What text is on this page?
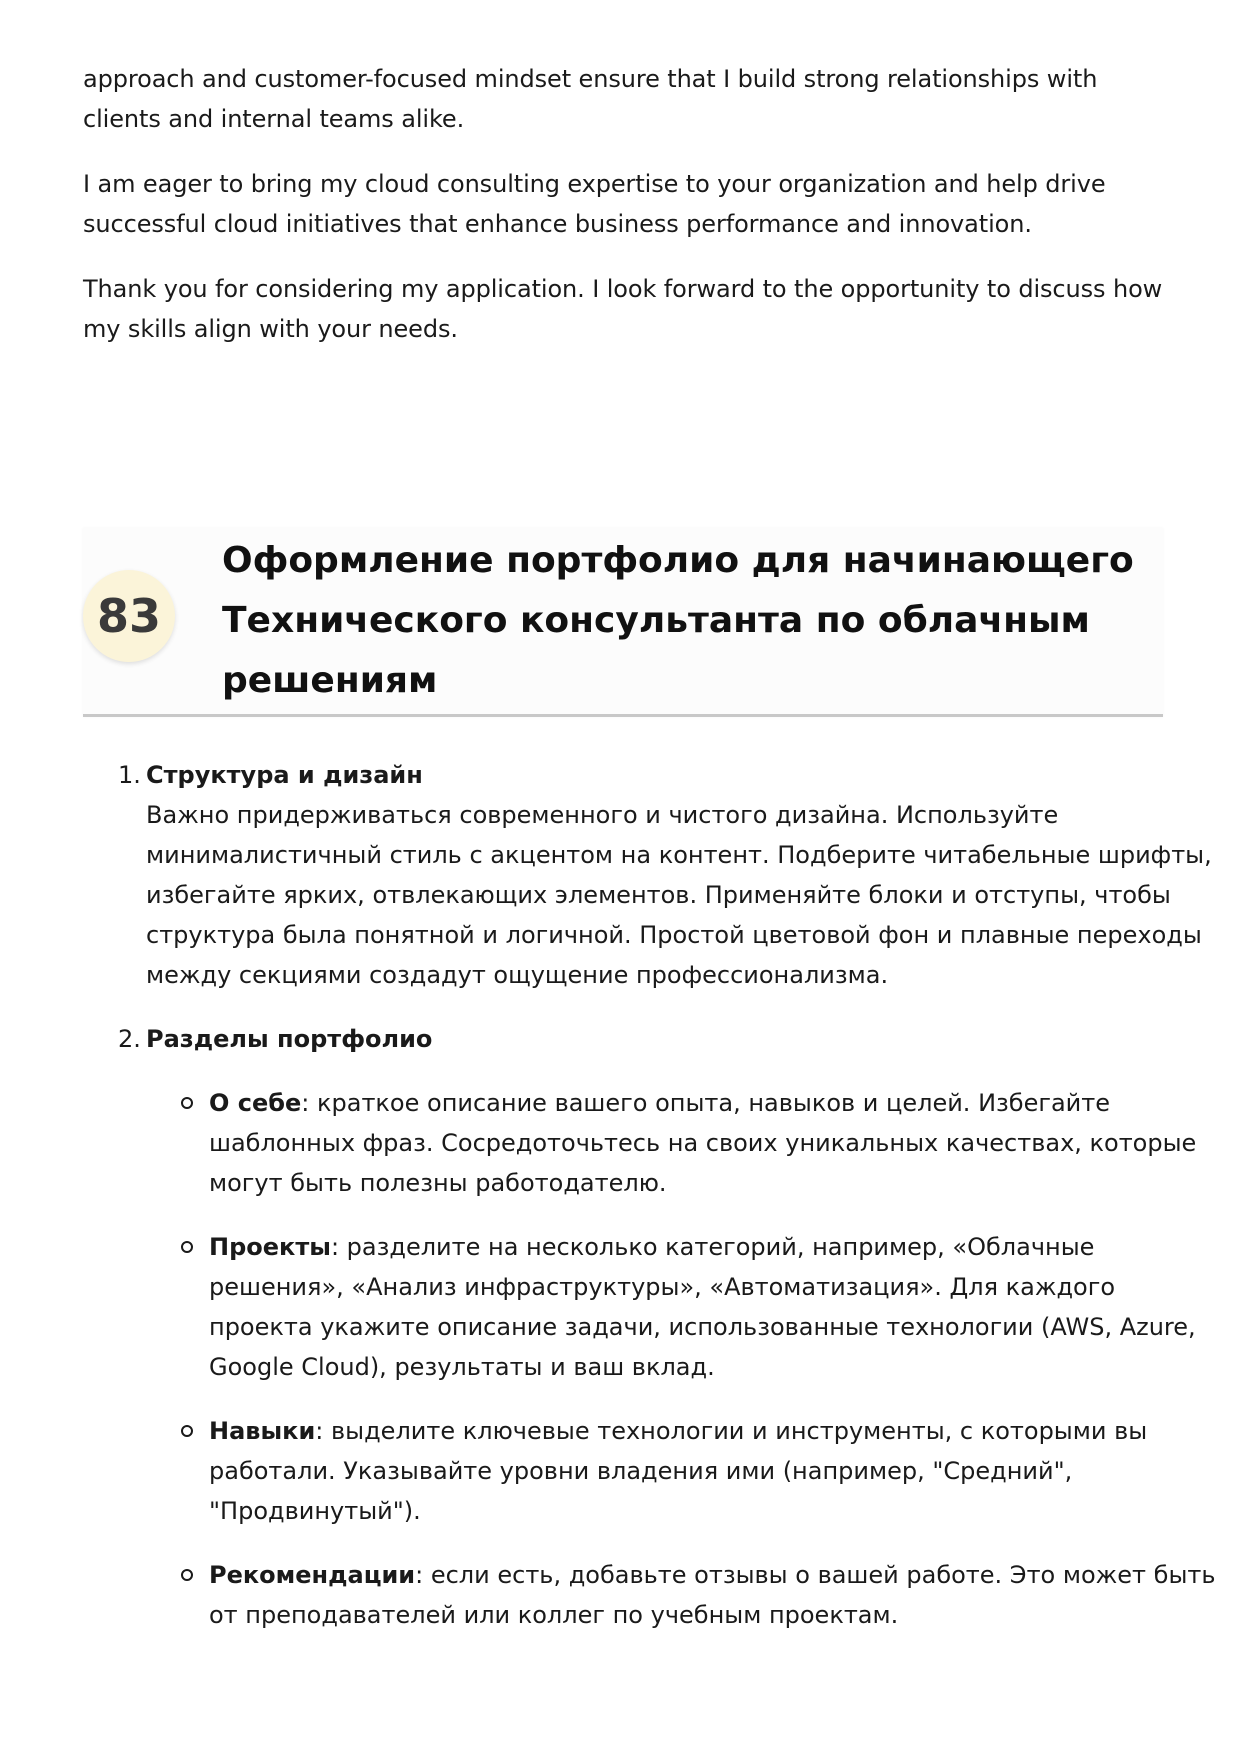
approach and customer-focused mindset ensure that I build strong relationships with clients and internal teams alike.

I am eager to bring my cloud consulting expertise to your organization and help drive successful cloud initiatives that enhance business performance and innovation.

Thank you for considering my application. I look forward to the opportunity to discuss how my skills align with your needs.

83
Оформление портфолио для начинающего Технического консультанта по облачным решениям
1. Структура и дизайн

Важно придерживаться современного и чистого дизайна. Используйте минималистичный стиль с акцентом на контент. Подберите читабельные шрифты, избегайте ярких, отвлекающих элементов. Применяйте блоки и отступы, чтобы структура была понятной и логичной. Простой цветовой фон и плавные переходы между секциями создадут ощущение профессионализма.

2. Разделы портфолио
О себе: краткое описание вашего опыта, навыков и целей. Избегайте шаблонных фраз. Сосредоточьтесь на своих уникальных качествах, которые могут быть полезны работодателю.
Проекты: разделите на несколько категорий, например, «Облачные решения», «Анализ инфраструктуры», «Автоматизация». Для каждого проекта укажите описание задачи, использованные технологии (AWS, Azure, Google Cloud), результаты и ваш вклад.
Навыки: выделите ключевые технологии и инструменты, с которыми вы работали. Указывайте уровни владения ими (например, "Средний", "Продвинутый").
Рекомендации: если есть, добавьте отзывы о вашей работе. Это может быть от преподавателей или коллег по учебным проектам.
